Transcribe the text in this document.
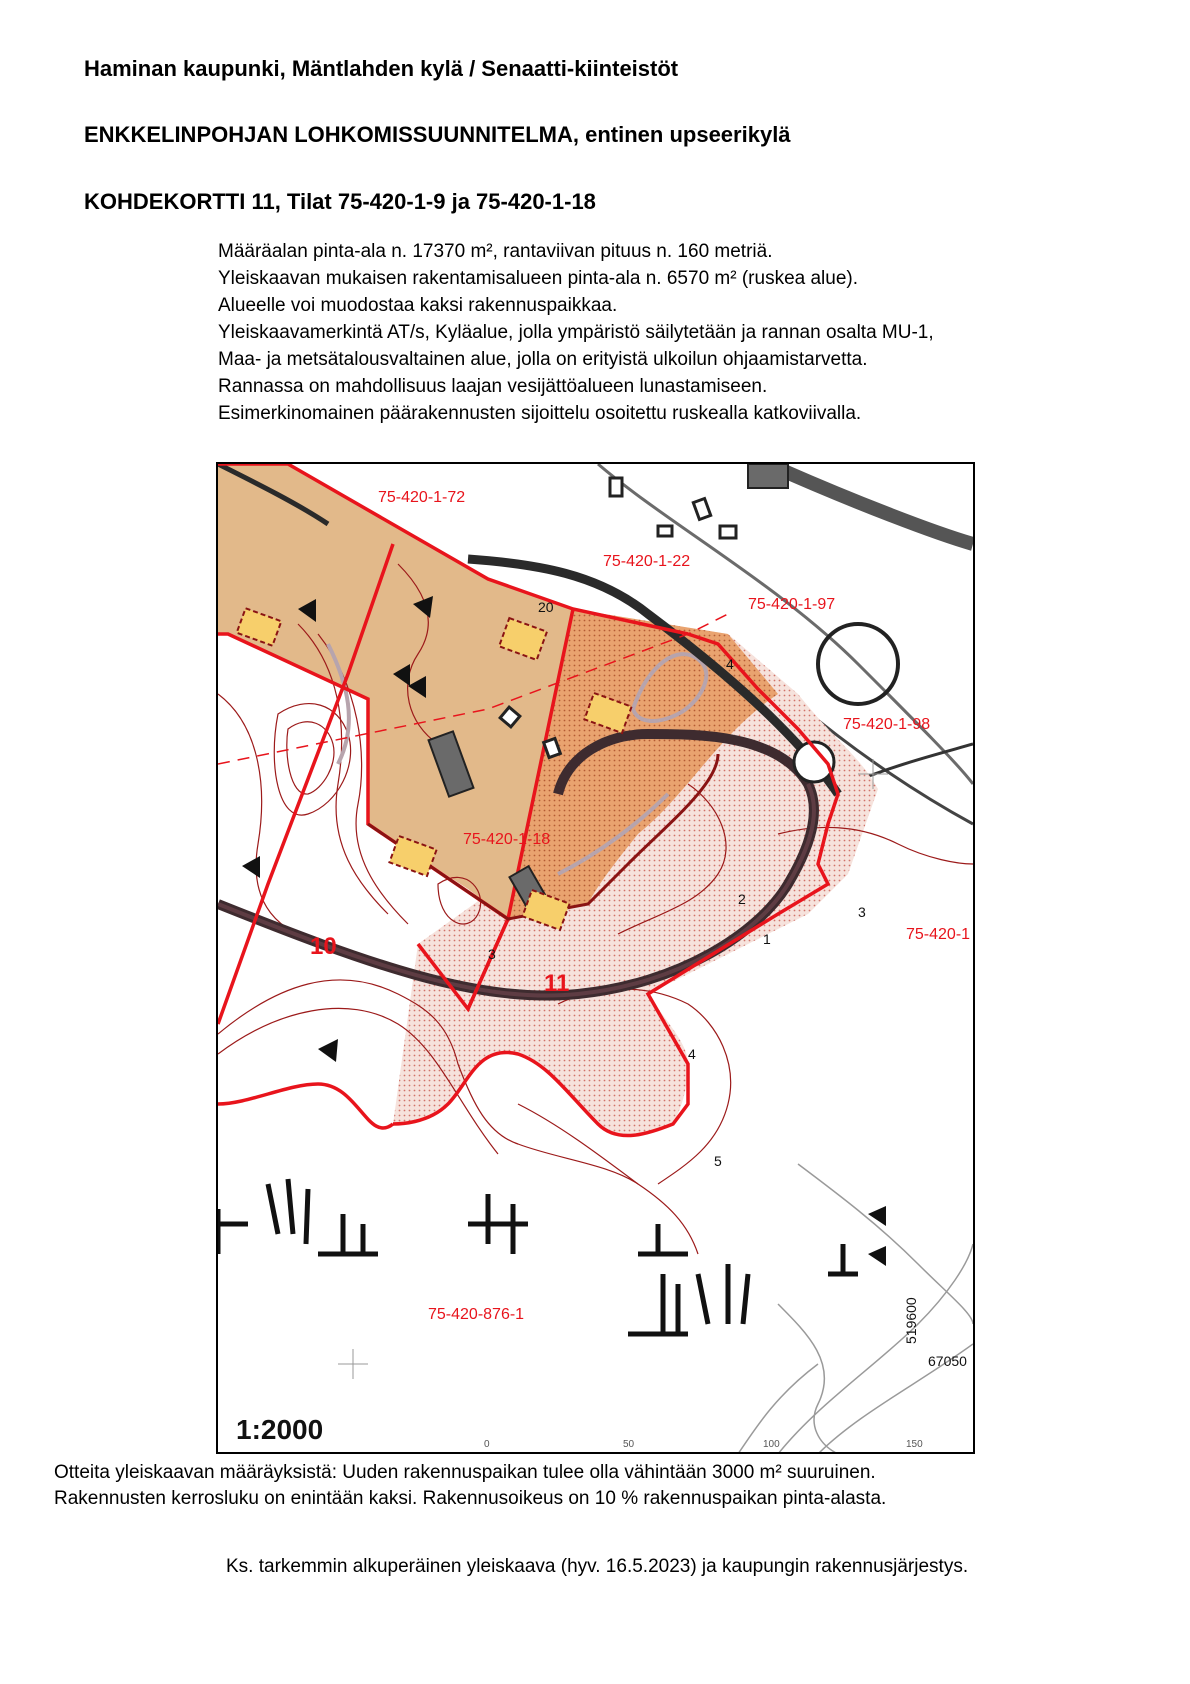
Haminan kaupunki, Mäntlahden kylä / Senaatti-kiinteistöt
ENKKELINPOHJAN LOHKOMISSUUNNITELMA, entinen upseerikylä
KOHDEKORTTI 11, Tilat 75-420-1-9 ja 75-420-1-18
Määräalan pinta-ala n. 17370 m², rantaviivan pituus n. 160 metriä.
Yleiskaavan mukaisen rakentamisalueen pinta-ala n. 6570 m² (ruskea alue).
Alueelle voi muodostaa kaksi rakennuspaikkaa.
Yleiskaavamerkintä AT/s, Kyläalue, jolla ympäristö säilytetään ja rannan osalta MU-1,
Maa- ja metsätalousvaltainen alue, jolla on erityistä ulkoilun ohjaamistarvetta.
Rannassa on mahdollisuus laajan vesijättöalueen lunastamiseen.
Esimerkinomainen päärakennusten sijoittelu osoitettu ruskealla katkoviivalla.
75-420-1-72
75-420-1-22
75-420-1-97
75-420-1-98
75-420-1-18
75-420-876-1
75-420-1
10
11
20
4
3
4
5
3
2
1
519600
67050
1:2000	0	50	100	150
Otteita yleiskaavan määräyksistä: Uuden rakennuspaikan tulee olla vähintään 3000 m² suuruinen.
Rakennusten kerrosluku on enintään kaksi. Rakennusoikeus on 10 % rakennuspaikan pinta-alasta.

Ks. tarkemmin alkuperäinen yleiskaava (hyv. 16.5.2023) ja kaupungin rakennusjärjestys.
